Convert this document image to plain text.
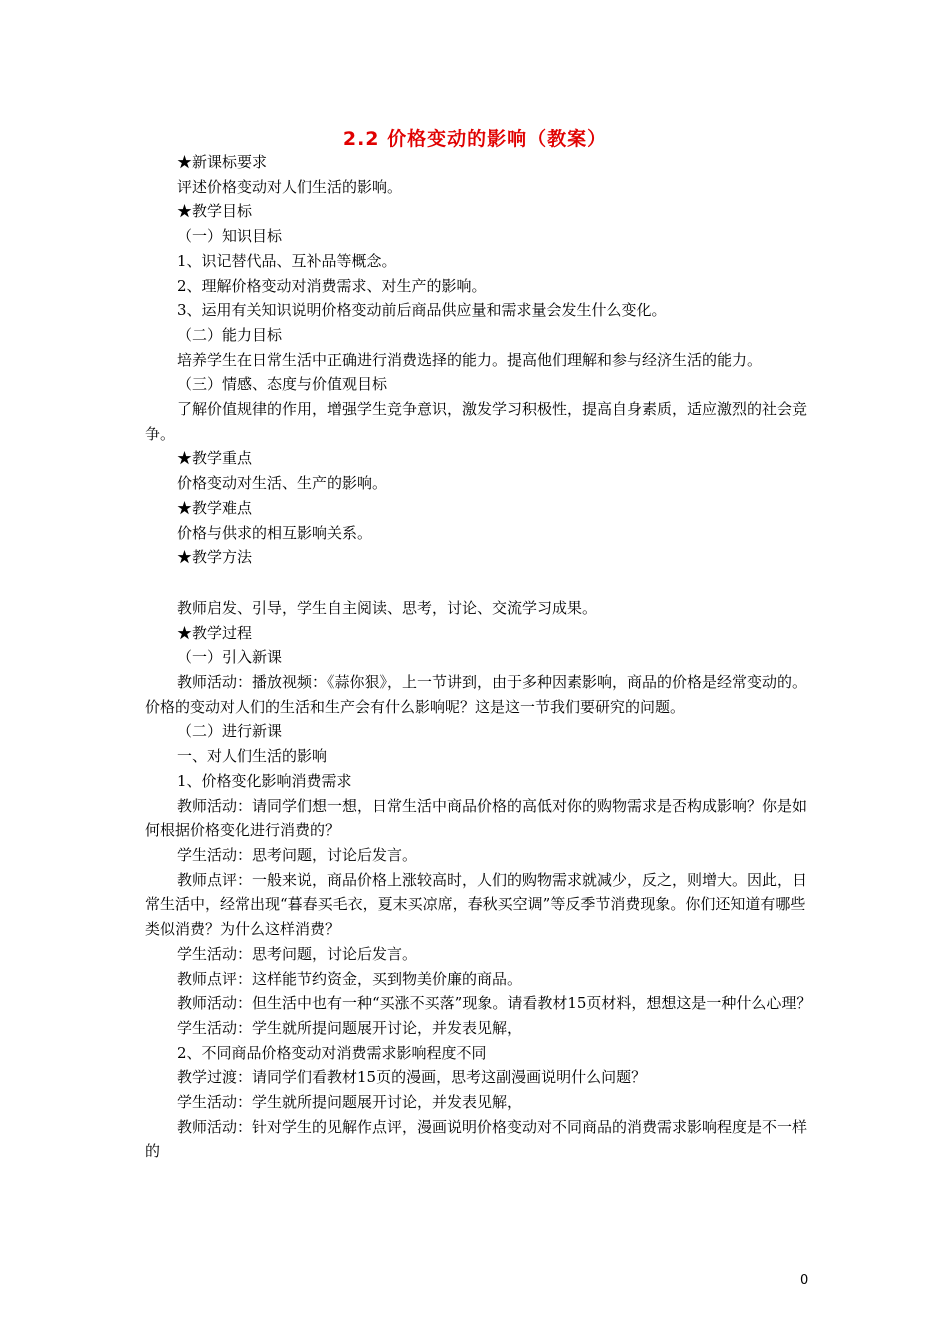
2.2 价格变动的影响（教案）

★新课标要求

评述价格变动对人们生活的影响。

★教学目标

（一）知识目标

1、识记替代品、互补品等概念。

2、理解价格变动对消费需求、对生产的影响。

3、运用有关知识说明价格变动前后商品供应量和需求量会发生什么变化。

（二）能力目标

培养学生在日常生活中正确进行消费选择的能力。提高他们理解和参与经济生活的能力。

（三）情感、态度与价值观目标

了解价值规律的作用，增强学生竞争意识，激发学习积极性，提高自身素质，适应激烈的社会竞争。

★教学重点

价格变动对生活、生产的影响。

★教学难点

价格与供求的相互影响关系。

★教学方法

教师启发、引导，学生自主阅读、思考，讨论、交流学习成果。

★教学过程

（一）引入新课

教师活动：播放视频：《蒜你狠》，上一节讲到，由于多种因素影响，商品的价格是经常变动的。价格的变动对人们的生活和生产会有什么影响呢？这是这一节我们要研究的问题。

（二）进行新课

一、对人们生活的影响

1、价格变化影响消费需求

教师活动：请同学们想一想，日常生活中商品价格的高低对你的购物需求是否构成影响？你是如何根据价格变化进行消费的？

学生活动：思考问题，讨论后发言。

教师点评：一般来说，商品价格上涨较高时，人们的购物需求就减少，反之，则增大。因此，日常生活中，经常出现“暮春买毛衣，夏末买凉席，春秋买空调”等反季节消费现象。你们还知道有哪些类似消费？为什么这样消费？

学生活动：思考问题，讨论后发言。

教师点评：这样能节约资金，买到物美价廉的商品。

教师活动：但生活中也有一种“买涨不买落”现象。请看教材15页材料，想想这是一种什么心理？

学生活动：学生就所提问题展开讨论，并发表见解，

2、不同商品价格变动对消费需求影响程度不同

教学过渡：请同学们看教材15页的漫画，思考这副漫画说明什么问题？

学生活动：学生就所提问题展开讨论，并发表见解，

教师活动：针对学生的见解作点评，漫画说明价格变动对不同商品的消费需求影响程度是不一样的

0
